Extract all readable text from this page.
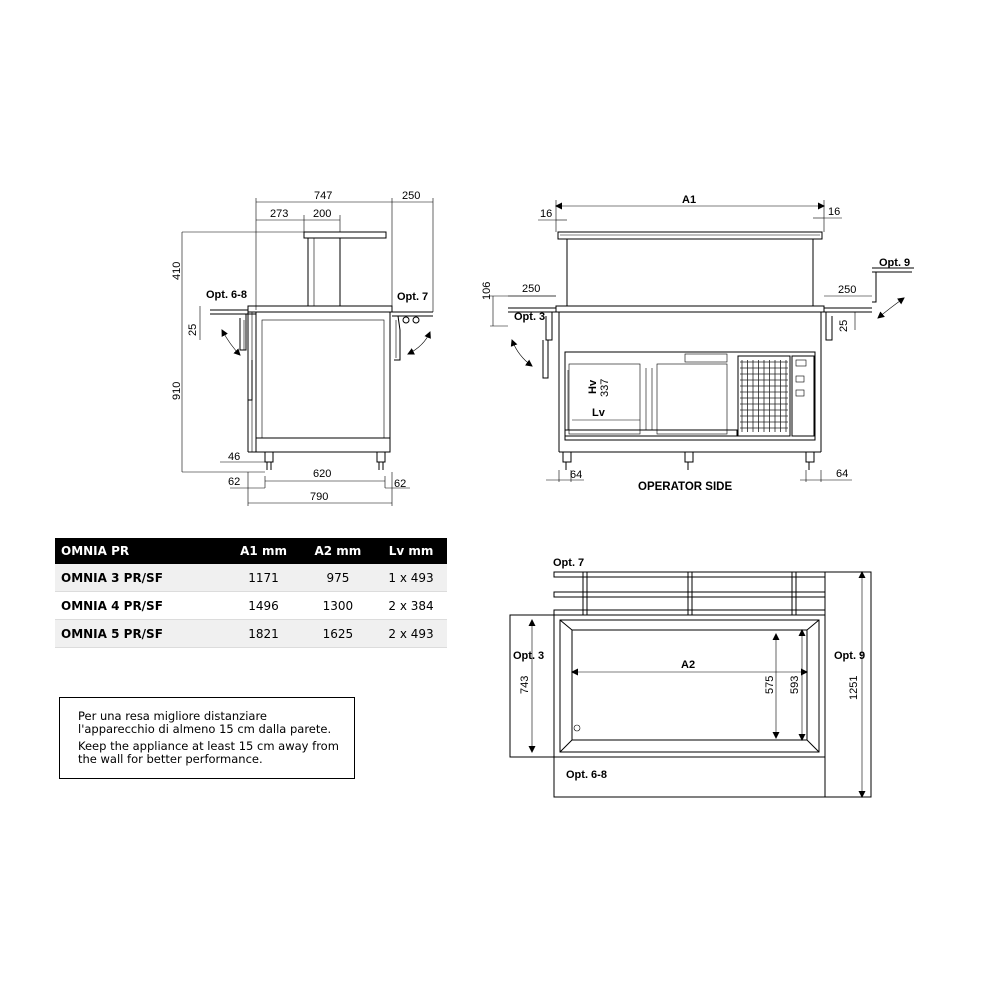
747	250
273 200
410
25
910
46
62
620
62
790
Opt. 6-8	Opt. 7
A1
16	16
106	250	250
25
Hv 337
Lv
64	64
Opt. 3
Opt. 9
OPERATOR SIDE
A2
743	575 593	1251
Opt. 7
Opt. 3	Opt. 9
Opt. 6-8
OMNIA PR	A1 mm	A2 mm	Lv mm
OMNIA 3 PR/SF	1171	975	1 x 493
OMNIA 4 PR/SF	1496	1300	2 x 384
OMNIA 5 PR/SF	1821	1625	2 x 493

Per una resa migliore distanziare
l'apparecchio di almeno 15 cm dalla parete.

Keep the appliance at least 15 cm away from
the wall for better performance.
